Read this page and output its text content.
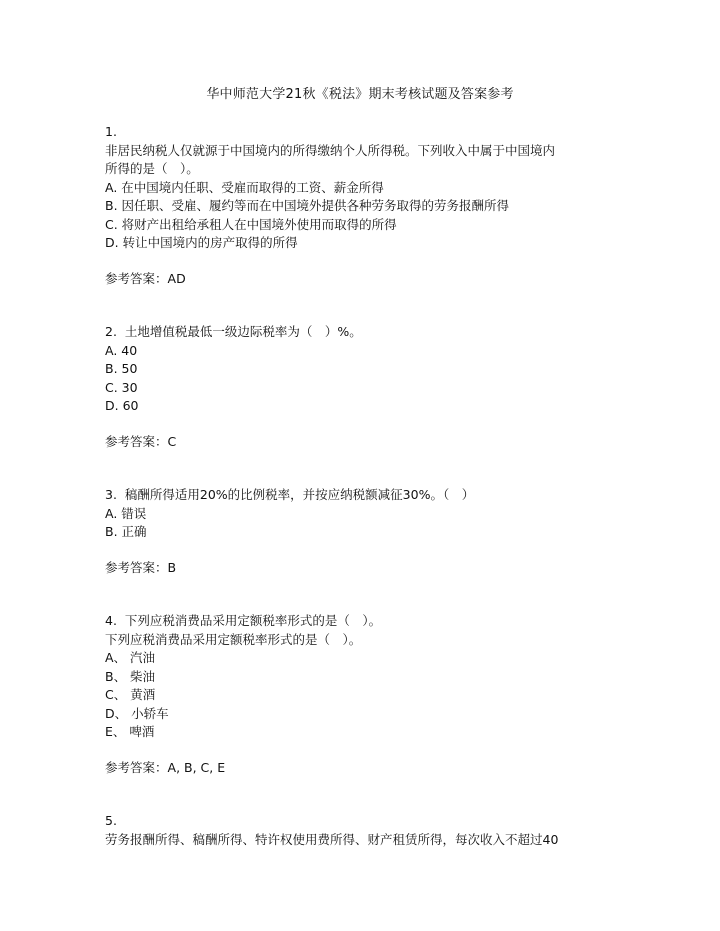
华中师范大学21秋《税法》期末考核试题及答案参考
1.
非居民纳税人仅就源于中国境内的所得缴纳个人所得税。下列收入中属于中国境内
所得的是（　）。
A. 在中国境内任职、受雇而取得的工资、薪金所得
B. 因任职、受雇、履约等而在中国境外提供各种劳务取得的劳务报酬所得
C. 将财产出租给承租人在中国境外使用而取得的所得
D. 转让中国境内的房产取得的所得
参考答案：AD
2. 土地增值税最低一级边际税率为（　）%。
A. 40
B. 50
C. 30
D. 60
参考答案：C
3. 稿酬所得适用20%的比例税率，并按应纳税额减征30%。（　）
A. 错误
B. 正确
参考答案：B
4. 下列应税消费品采用定额税率形式的是（　）。
下列应税消费品采用定额税率形式的是（　）。
A、 汽油
B、 柴油
C、 黄酒
D、 小轿车
E、 啤酒
参考答案：A, B, C, E
5.
劳务报酬所得、稿酬所得、特许权使用费所得、财产租赁所得，每次收入不超过40
